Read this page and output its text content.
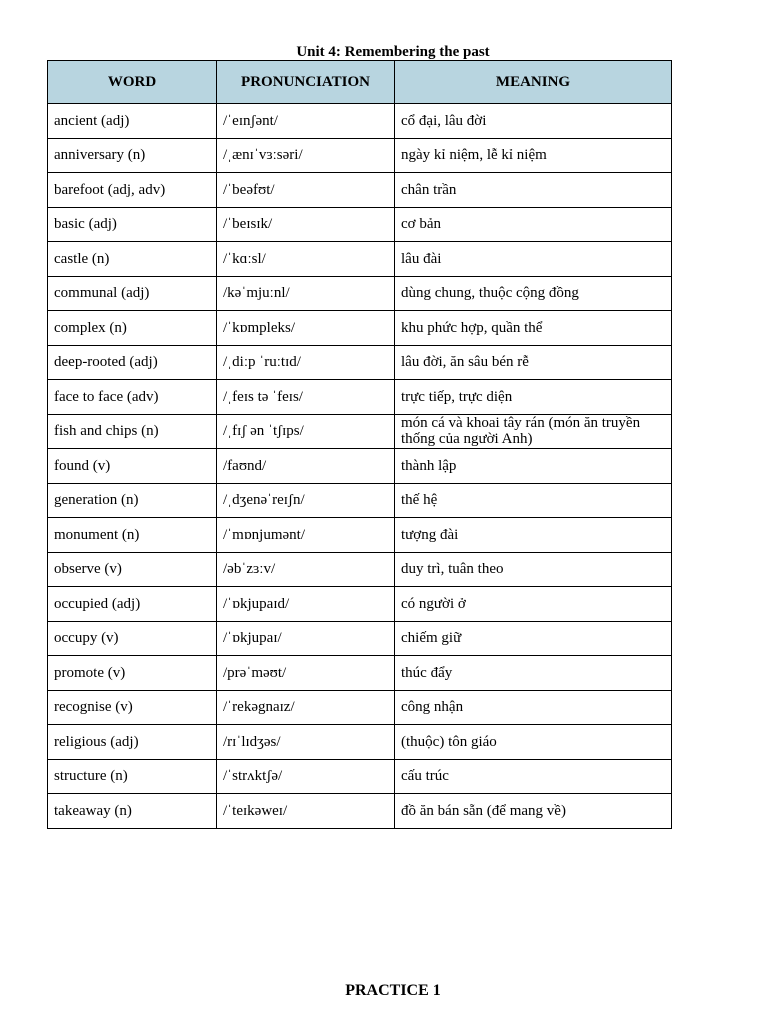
Unit 4: Remembering the past
WORD	PRONUNCIATION	MEANING
ancient (adj)	/ˈeɪnʃənt/	cổ đại, lâu đời
anniversary (n)	/ˌænɪˈvɜːsəri/	ngày kỉ niệm, lễ kỉ niệm
barefoot (adj, adv)	/ˈbeəfʊt/	chân trần
basic (adj)	/ˈbeɪsɪk/	cơ bản
castle (n)	/ˈkɑːsl/	lâu đài
communal (adj)	/kəˈmjuːnl/	dùng chung, thuộc cộng đồng
complex (n)	/ˈkɒmpleks/	khu phức hợp, quần thể
deep-rooted (adj)	/ˌdiːp ˈruːtɪd/	lâu đời, ăn sâu bén rễ
face to face (adv)	/ˌfeɪs tə ˈfeɪs/	trực tiếp, trực diện
fish and chips (n)	/ˌfɪʃ ən ˈtʃɪps/	món cá và khoai tây rán (món ăn truyền thống của người Anh)
found (v)	/faʊnd/	thành lập
generation (n)	/ˌdʒenəˈreɪʃn/	thế hệ
monument (n)	/ˈmɒnjumənt/	tượng đài
observe (v)	/əbˈzɜːv/	duy trì, tuân theo
occupied (adj)	/ˈɒkjupaɪd/	có người ở
occupy (v)	/ˈɒkjupaɪ/	chiếm giữ
promote (v)	/prəˈməʊt/	thúc đẩy
recognise (v)	/ˈrekəgnaɪz/	công nhận
religious (adj)	/rɪˈlɪdʒəs/	(thuộc) tôn giáo
structure (n)	/ˈstrʌktʃə/	cấu trúc
takeaway (n)	/ˈteɪkəweɪ/	đồ ăn bán sẵn (để mang về)
PRACTICE 1
